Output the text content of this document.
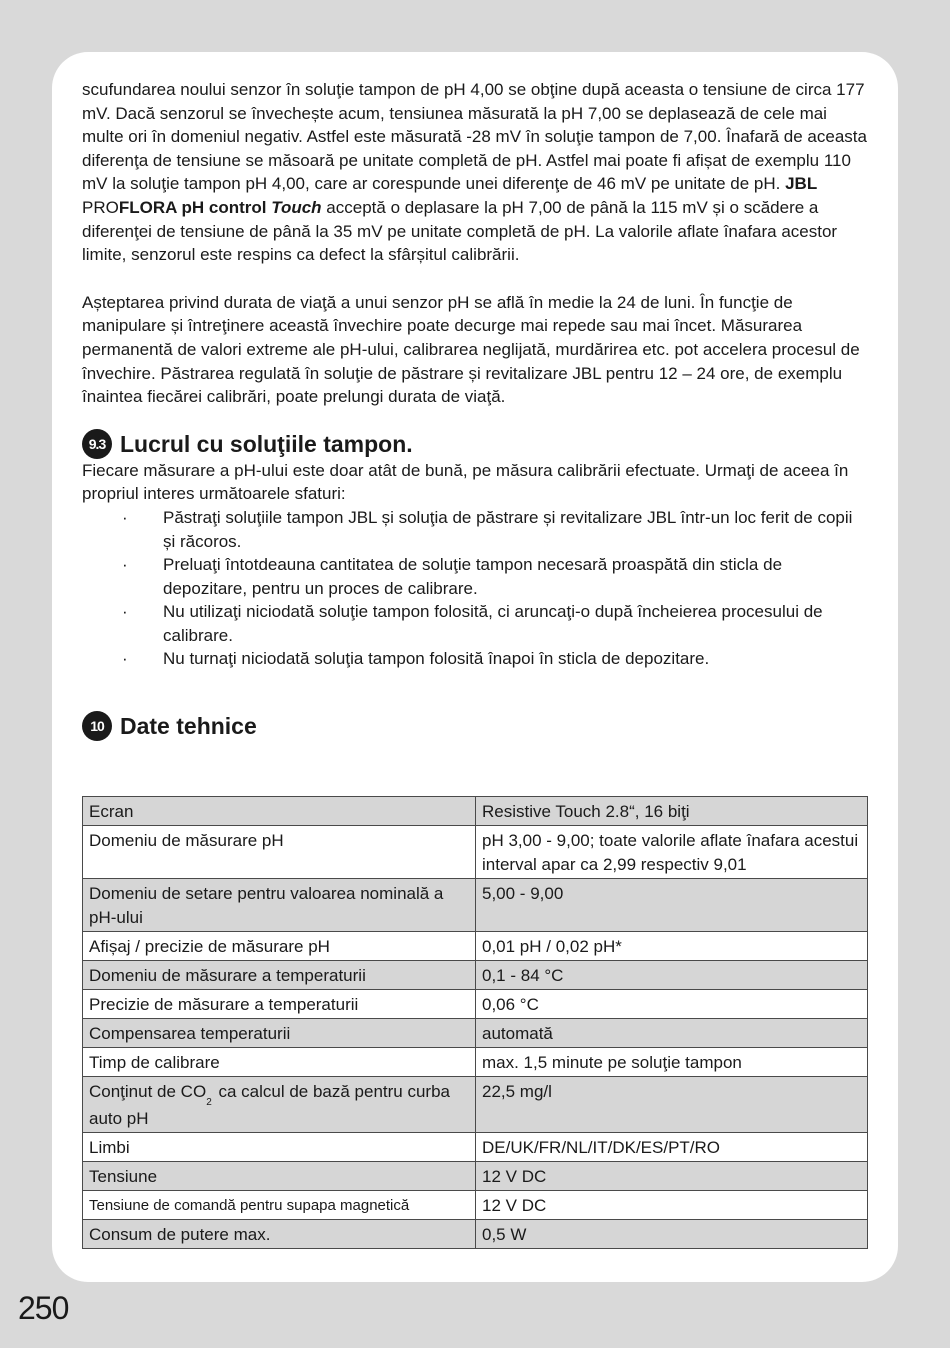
scufundarea noului senzor în soluţie tampon de pH 4,00 se obţine după aceasta o tensiune de circa 177 mV. Dacă senzorul se învechește acum, tensiunea măsurată la pH 7,00 se deplasează de cele mai multe ori în domeniul negativ. Astfel este măsurată -28 mV în soluţie tampon de 7,00. Înafară de aceasta diferenţa de tensiune se măsoară pe unitate completă de pH. Astfel mai poate fi afișat de exemplu 110 mV la soluţie tampon pH 4,00, care ar corespunde unei diferenţe de 46 mV pe unitate de pH. JBL PROFLORA pH control Touch acceptă o deplasare la pH 7,00 de până la 115 mV și o scădere a diferenţei de tensiune de până la 35 mV pe unitate completă de pH. La valorile aflate înafara acestor limite, senzorul este respins ca defect la sfârșitul calibrării.

Așteptarea privind durata de viaţă a unui senzor pH se află în medie la 24 de luni. În funcţie de manipulare și întreţinere această învechire poate decurge mai repede sau mai încet. Măsurarea permanentă de valori extreme ale pH-ului, calibrarea neglijată, murdărirea etc. pot accelera procesul de învechire. Păstrarea regulată în soluţie de păstrare și revitalizare JBL pentru 12 – 24 ore, de exemplu înaintea fiecărei calibrări, poate prelungi durata de viaţă.

9.3 Lucrul cu soluţiile tampon.

Fiecare măsurare a pH-ului este doar atât de bună, pe măsura calibrării efectuate. Urmaţi de aceea în propriul interes următoarele sfaturi:

· Păstraţi soluţiile tampon JBL și soluţia de păstrare și revitalizare JBL într-un loc ferit de copii și răcoros.
· Preluaţi întotdeauna cantitatea de soluţie tampon necesară proaspătă din sticla de depozitare, pentru un proces de calibrare.
· Nu utilizaţi niciodată soluţie tampon folosită, ci aruncaţi-o după încheierea procesului de calibrare.
· Nu turnaţi niciodată soluţia tampon folosită înapoi în sticla de depozitare.
10 Date tehnice
Ecran	Resistive Touch 2.8“, 16 biţi
Domeniu de măsurare pH	pH 3,00 - 9,00; toate valorile aflate înafara acestui interval apar ca 2,99 respectiv 9,01
Domeniu de setare pentru valoarea nominală a pH-ului	5,00 - 9,00
Afișaj / precizie de măsurare pH	0,01 pH / 0,02 pH*
Domeniu de măsurare a temperaturii	0,1 - 84 °C
Precizie de măsurare a temperaturii	0,06 °C
Compensarea temperaturii	automată
Timp de calibrare	max. 1,5 minute pe soluţie tampon
Conţinut de $CO_2$ ca calcul de bază pentru curba auto pH	22,5 mg/l
Limbi	DE/UK/FR/NL/IT/DK/ES/PT/RO
Tensiune	12 V DC
Tensiune de comandă pentru supapa magnetică	12 V DC
Consum de putere max.	0,5 W
250
